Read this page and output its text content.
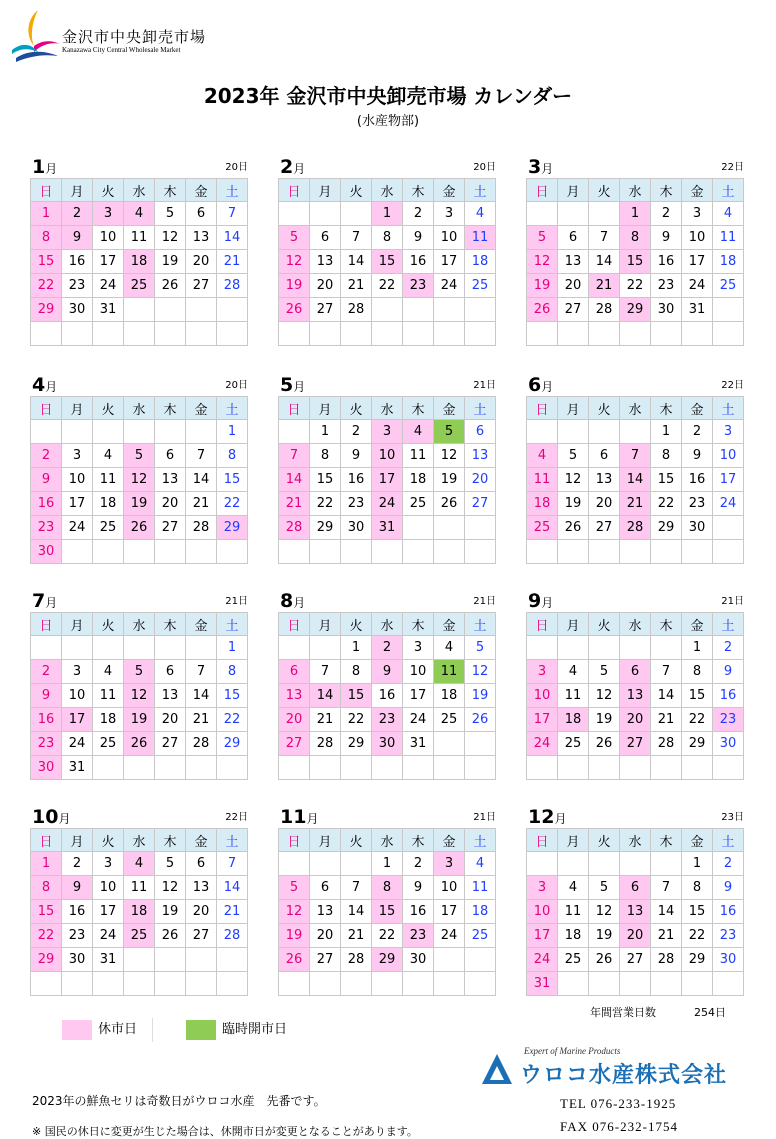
金沢市中央卸売市場
Kanazawa City Central Wholesale Market
2023年 金沢市中央卸売市場 カレンダー
(水産物部)
1月	20日
日	月	火	水	木	金	土
1	2	3	4	5	6	7
8	9	10	11	12	13	14
15	16	17	18	19	20	21
22	23	24	25	26	27	28
29	30	31				

2月	20日
日	月	火	水	木	金	土
			1	2	3	4
5	6	7	8	9	10	11
12	13	14	15	16	17	18
19	20	21	22	23	24	25
26	27	28				

3月	22日
日	月	火	水	木	金	土
			1	2	3	4
5	6	7	8	9	10	11
12	13	14	15	16	17	18
19	20	21	22	23	24	25
26	27	28	29	30	31	

4月	20日
日	月	火	水	木	金	土
						1
2	3	4	5	6	7	8
9	10	11	12	13	14	15
16	17	18	19	20	21	22
23	24	25	26	27	28	29
30						
5月	21日
日	月	火	水	木	金	土
	1	2	3	4	5	6
7	8	9	10	11	12	13
14	15	16	17	18	19	20
21	22	23	24	25	26	27
28	29	30	31			

6月	22日
日	月	火	水	木	金	土
				1	2	3
4	5	6	7	8	9	10
11	12	13	14	15	16	17
18	19	20	21	22	23	24
25	26	27	28	29	30	

7月	21日
日	月	火	水	木	金	土
						1
2	3	4	5	6	7	8
9	10	11	12	13	14	15
16	17	18	19	20	21	22
23	24	25	26	27	28	29
30	31					
8月	21日
日	月	火	水	木	金	土
		1	2	3	4	5
6	7	8	9	10	11	12
13	14	15	16	17	18	19
20	21	22	23	24	25	26
27	28	29	30	31		

9月	21日
日	月	火	水	木	金	土
					1	2
3	4	5	6	7	8	9
10	11	12	13	14	15	16
17	18	19	20	21	22	23
24	25	26	27	28	29	30

10月	22日
日	月	火	水	木	金	土
1	2	3	4	5	6	7
8	9	10	11	12	13	14
15	16	17	18	19	20	21
22	23	24	25	26	27	28
29	30	31				

11月	21日
日	月	火	水	木	金	土
			1	2	3	4
5	6	7	8	9	10	11
12	13	14	15	16	17	18
19	20	21	22	23	24	25
26	27	28	29	30		

12月	23日
日	月	火	水	木	金	土
					1	2
3	4	5	6	7	8	9
10	11	12	13	14	15	16
17	18	19	20	21	22	23
24	25	26	27	28	29	30
31						
休市日	臨時開市日
年間営業日数	254日
Expert of Marine Products
ウロコ水産株式会社
2023年の鮮魚セリは奇数日がウロコ水産　先番です。
※ 国民の休日に変更が生じた場合は、休開市日が変更となることがあります。
TEL 076-233-1925
FAX 076-232-1754
